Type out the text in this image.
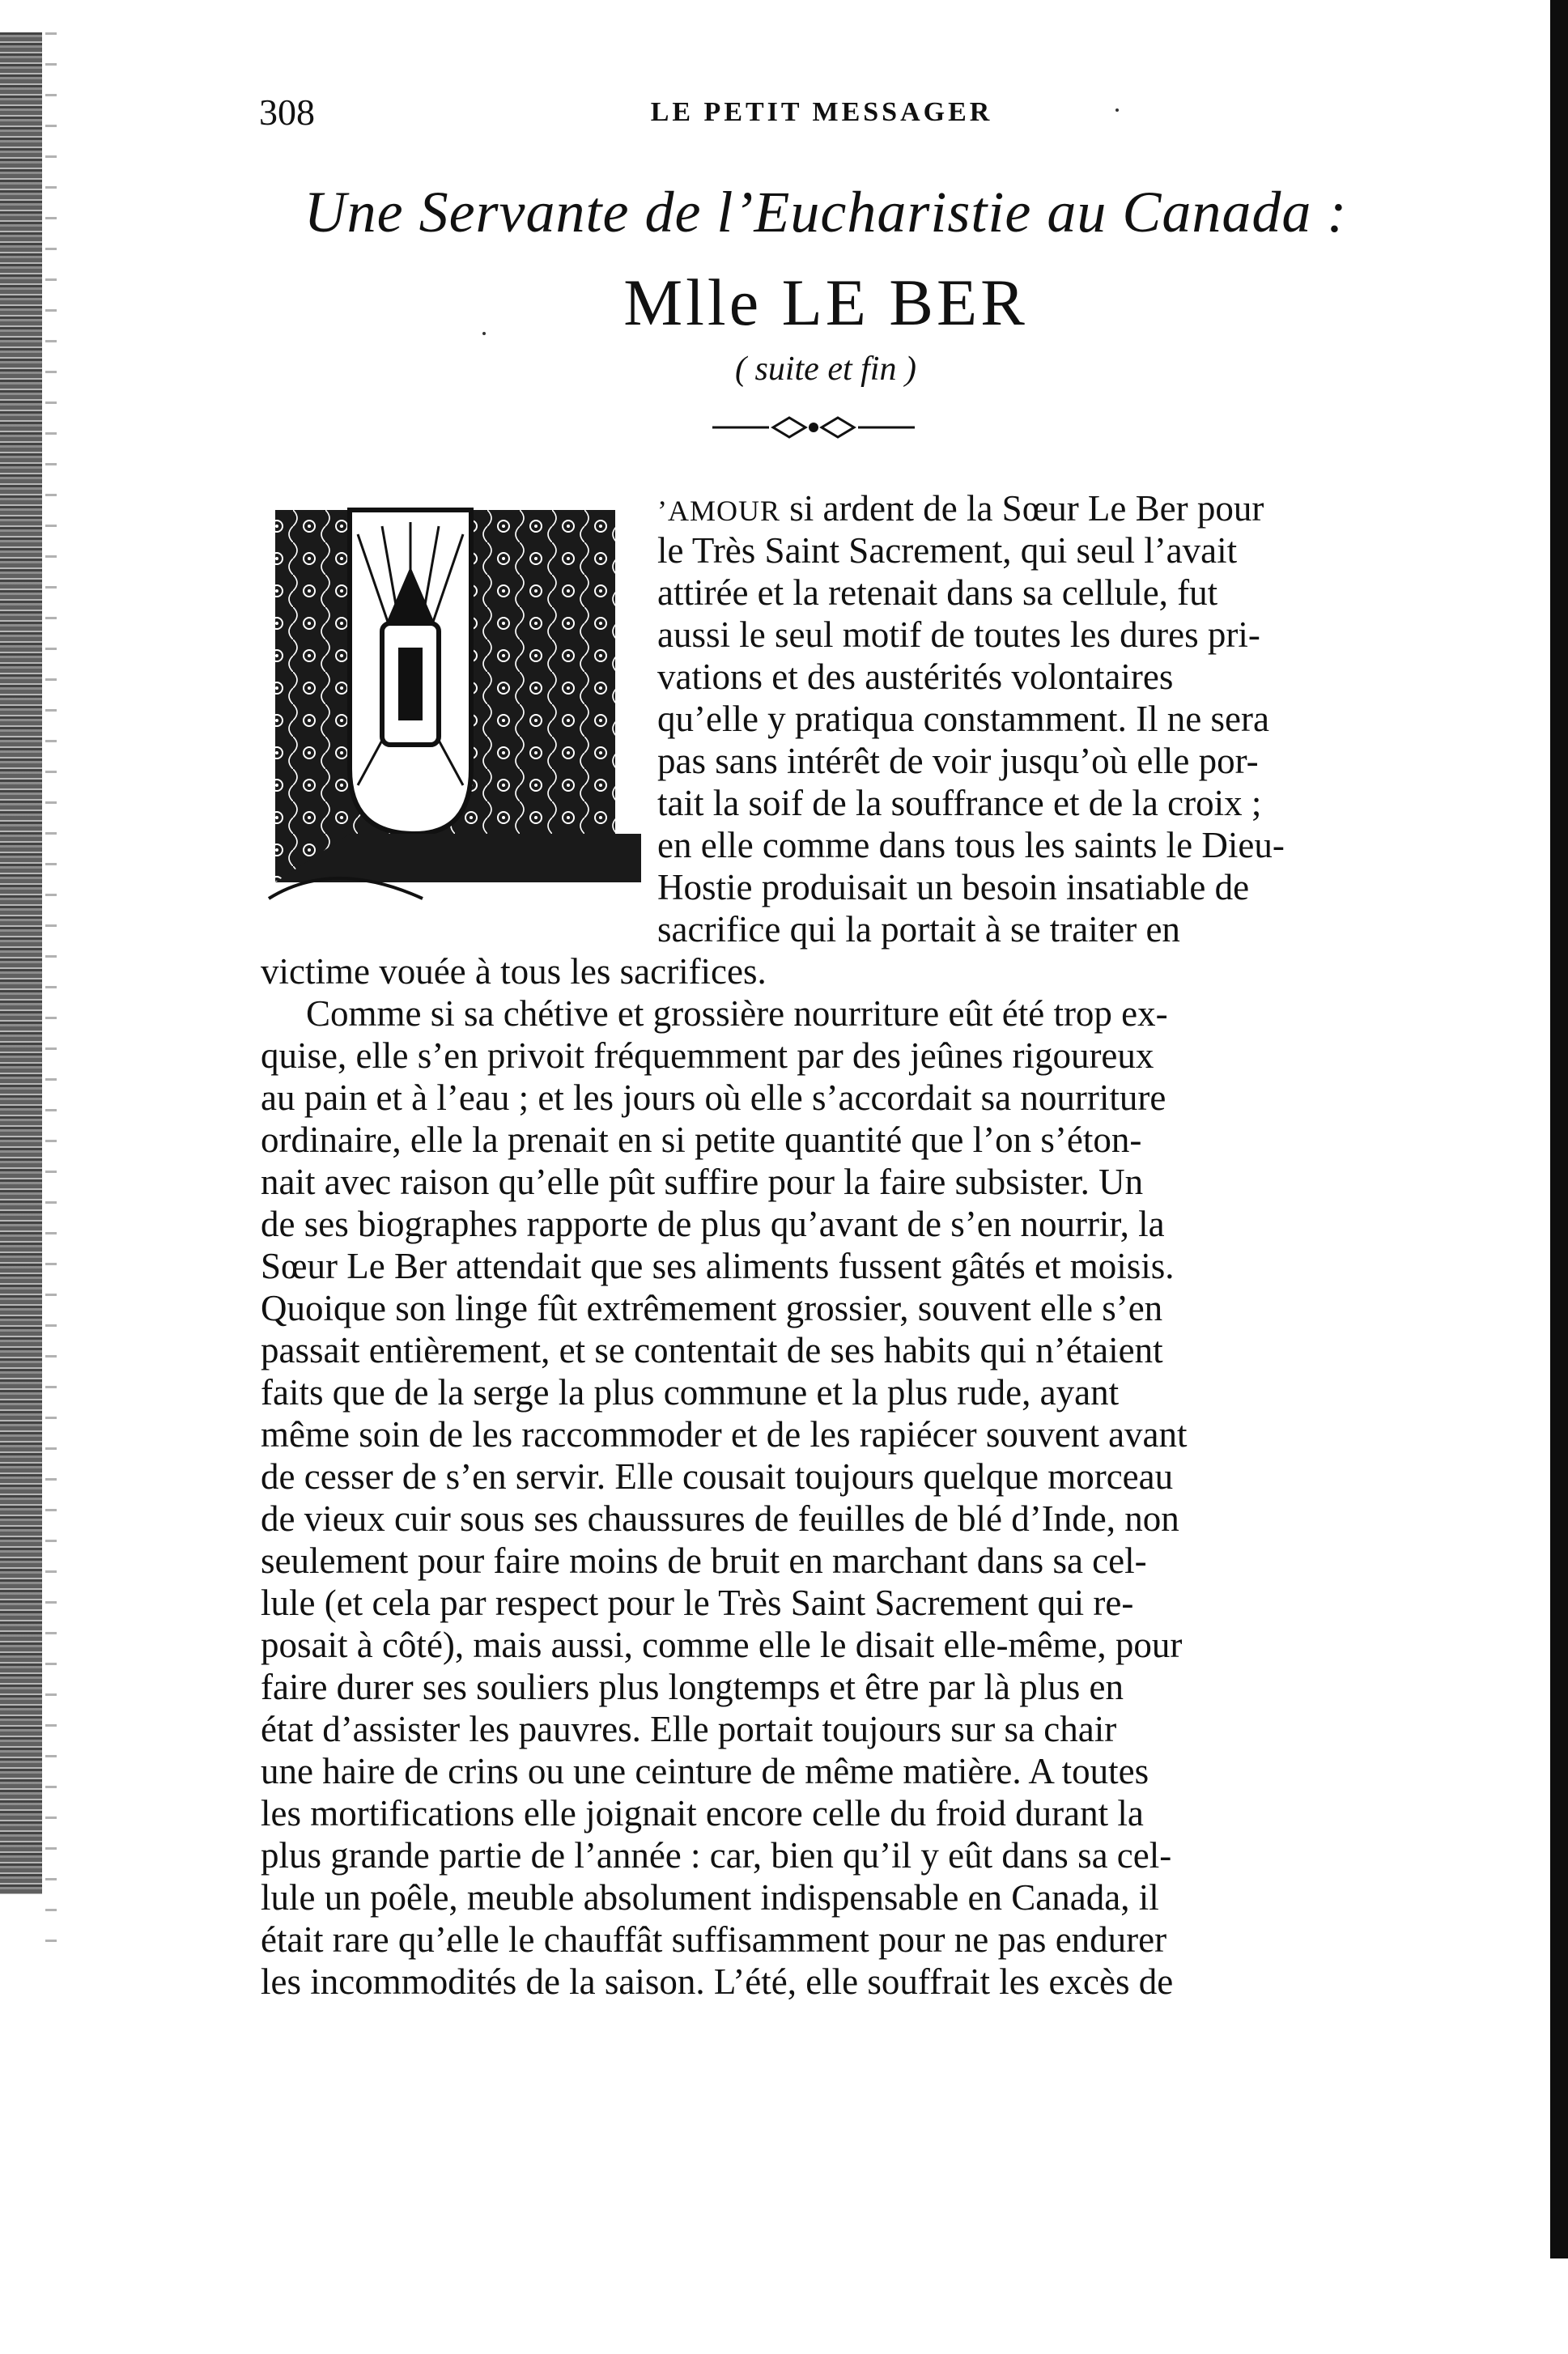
308	LE PETIT MESSAGER
Une Servante de l’Eucharistie au Canada :
Mlle LE BER
( suite et fin )
’AMOUR si ardent de la Sœur Le Ber pour
le Très Saint Sacrement, qui seul l’avait
attirée et la retenait dans sa cellule, fut
aussi le seul motif de toutes les dures pri-
vations et des austérités volontaires
qu’elle y pratiqua constamment. Il ne sera
pas sans intérêt de voir jusqu’où elle por-
tait la soif de la souffrance et de la croix ;
en elle comme dans tous les saints le Dieu-
Hostie produisait un besoin insatiable de
sacrifice qui la portait à se traiter en
victime vouée à tous les sacrifices.
Comme si sa chétive et grossière nourriture eût été trop ex-
quise, elle s’en privoit fréquemment par des jeûnes rigoureux
au pain et à l’eau ; et les jours où elle s’accordait sa nourriture
ordinaire, elle la prenait en si petite quantité que l’on s’éton-
nait avec raison qu’elle pût suffire pour la faire subsister. Un
de ses biographes rapporte de plus qu’avant de s’en nourrir, la
Sœur Le Ber attendait que ses aliments fussent gâtés et moisis.
Quoique son linge fût extrêmement grossier, souvent elle s’en
passait entièrement, et se contentait de ses habits qui n’étaient
faits que de la serge la plus commune et la plus rude, ayant
même soin de les raccommoder et de les rapiécer souvent avant
de cesser de s’en servir. Elle cousait toujours quelque morceau
de vieux cuir sous ses chaussures de feuilles de blé d’Inde, non
seulement pour faire moins de bruit en marchant dans sa cel-
lule (et cela par respect pour le Très Saint Sacrement qui re-
posait à côté), mais aussi, comme elle le disait elle-même, pour
faire durer ses souliers plus longtemps et être par là plus en
état d’assister les pauvres. Elle portait toujours sur sa chair
une haire de crins ou une ceinture de même matière. A toutes
les mortifications elle joignait encore celle du froid durant la
plus grande partie de l’année : car, bien qu’il y eût dans sa cel-
lule un poêle, meuble absolument indispensable en Canada, il
était rare qu’elle le chauffât suffisamment pour ne pas endurer
les incommodités de la saison. L’été, elle souffrait les excès de
